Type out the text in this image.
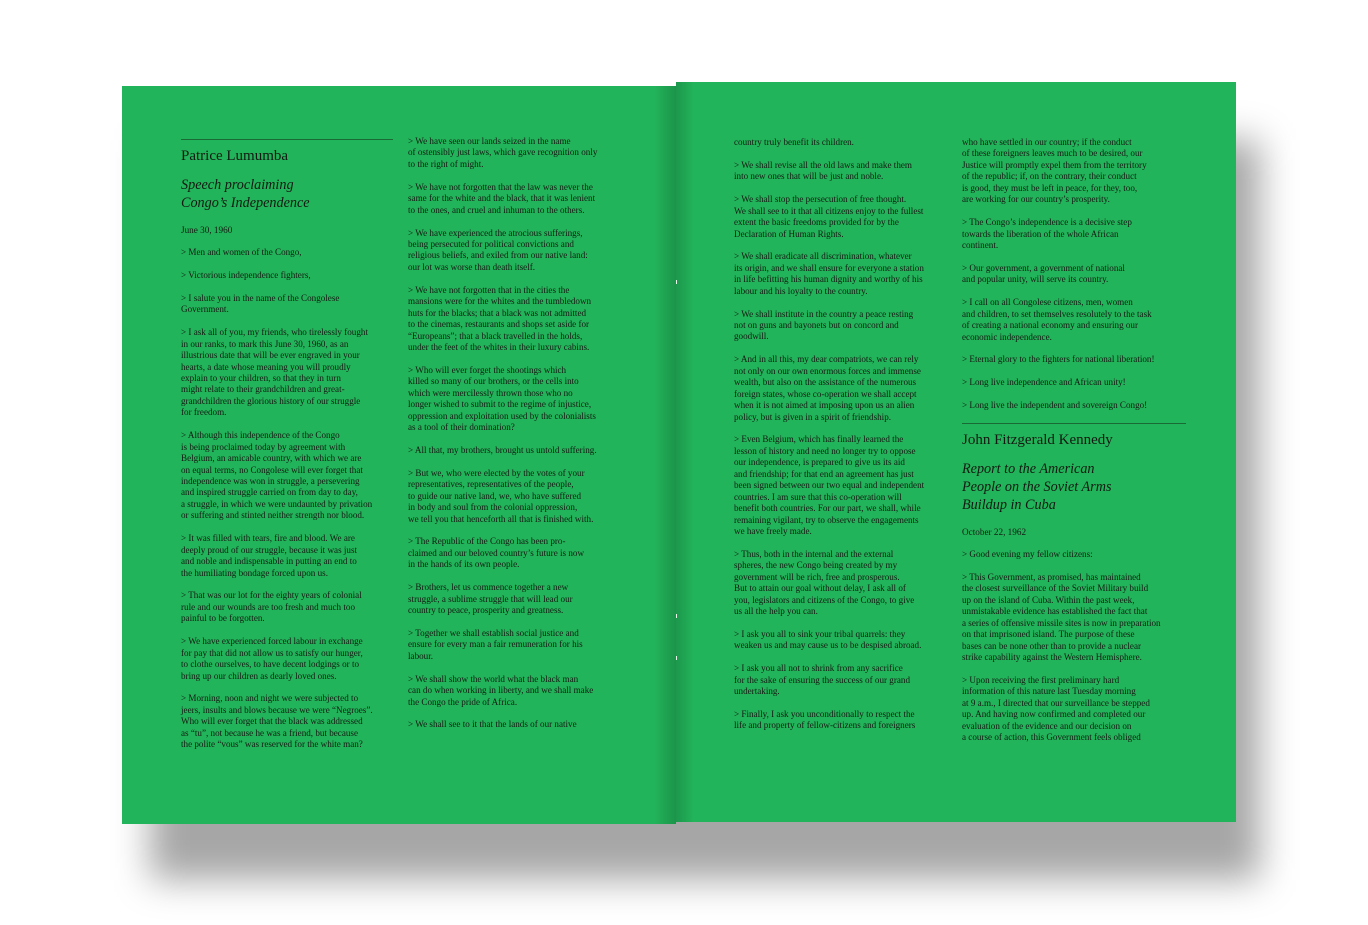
Patrice Lumumba

Speech proclaiming
Congo’s Independence

June 30, 1960

> Men and women of the Congo,

> Victorious independence fighters,

> I salute you in the name of the Congolese
Government.

> I ask all of you, my friends, who tirelessly fought
in our ranks, to mark this June 30, 1960, as an
illustrious date that will be ever engraved in your
hearts, a date whose meaning you will proudly
explain to your children, so that they in turn
might relate to their grandchildren and great-
grandchildren the glorious history of our struggle
for freedom.

> Although this independence of the Congo
is being proclaimed today by agreement with
Belgium, an amicable country, with which we are
on equal terms, no Congolese will ever forget that
independence was won in struggle, a persevering
and inspired struggle carried on from day to day,
a struggle, in which we were undaunted by privation
or suffering and stinted neither strength nor blood.

> It was filled with tears, fire and blood. We are
deeply proud of our struggle, because it was just
and noble and indispensable in putting an end to
the humiliating bondage forced upon us.

> That was our lot for the eighty years of colonial
rule and our wounds are too fresh and much too
painful to be forgotten.

> We have experienced forced labour in exchange
for pay that did not allow us to satisfy our hunger,
to clothe ourselves, to have decent lodgings or to
bring up our children as dearly loved ones.

> Morning, noon and night we were subjected to
jeers, insults and blows because we were “Negroes”.
Who will ever forget that the black was addressed
as “tu”, not because he was a friend, but because
the polite “vous” was reserved for the white man?

> We have seen our lands seized in the name
of ostensibly just laws, which gave recognition only
to the right of might.

> We have not forgotten that the law was never the
same for the white and the black, that it was lenient
to the ones, and cruel and inhuman to the others.

> We have experienced the atrocious sufferings,
being persecuted for political convictions and
religious beliefs, and exiled from our native land:
our lot was worse than death itself.

> We have not forgotten that in the cities the
mansions were for the whites and the tumbledown
huts for the blacks; that a black was not admitted
to the cinemas, restaurants and shops set aside for
“Europeans”; that a black travelled in the holds,
under the feet of the whites in their luxury cabins.

> Who will ever forget the shootings which
killed so many of our brothers, or the cells into
which were mercilessly thrown those who no
longer wished to submit to the regime of injustice,
oppression and exploitation used by the colonialists
as a tool of their domination?

> All that, my brothers, brought us untold suffering.

> But we, who were elected by the votes of your
representatives, representatives of the people,
to guide our native land, we, who have suffered
in body and soul from the colonial oppression,
we tell you that henceforth all that is finished with.

> The Republic of the Congo has been pro-
claimed and our beloved country’s future is now
in the hands of its own people.

> Brothers, let us commence together a new
struggle, a sublime struggle that will lead our
country to peace, prosperity and greatness.

> Together we shall establish social justice and
ensure for every man a fair remuneration for his
labour.

> We shall show the world what the black man
can do when working in liberty, and we shall make
the Congo the pride of Africa.

> We shall see to it that the lands of our native

country truly benefit its children.

> We shall revise all the old laws and make them
into new ones that will be just and noble.

> We shall stop the persecution of free thought.
We shall see to it that all citizens enjoy to the fullest
extent the basic freedoms provided for by the
Declaration of Human Rights.

> We shall eradicate all discrimination, whatever
its origin, and we shall ensure for everyone a station
in life befitting his human dignity and worthy of his
labour and his loyalty to the country.

> We shall institute in the country a peace resting
not on guns and bayonets but on concord and
goodwill.

> And in all this, my dear compatriots, we can rely
not only on our own enormous forces and immense
wealth, but also on the assistance of the numerous
foreign states, whose co-operation we shall accept
when it is not aimed at imposing upon us an alien
policy, but is given in a spirit of friendship.

> Even Belgium, which has finally learned the
lesson of history and need no longer try to oppose
our independence, is prepared to give us its aid
and friendship; for that end an agreement has just
been signed between our two equal and independent
countries. I am sure that this co-operation will
benefit both countries. For our part, we shall, while
remaining vigilant, try to observe the engagements
we have freely made.

> Thus, both in the internal and the external
spheres, the new Congo being created by my
government will be rich, free and prosperous.
But to attain our goal without delay, I ask all of
you, legislators and citizens of the Congo, to give
us all the help you can.

> I ask you all to sink your tribal quarrels: they
weaken us and may cause us to be despised abroad.

> I ask you all not to shrink from any sacrifice
for the sake of ensuring the success of our grand
undertaking.

> Finally, I ask you unconditionally to respect the
life and property of fellow-citizens and foreigners

who have settled in our country; if the conduct
of these foreigners leaves much to be desired, our
Justice will promptly expel them from the territory
of the republic; if, on the contrary, their conduct
is good, they must be left in peace, for they, too,
are working for our country’s prosperity.

> The Congo’s independence is a decisive step
towards the liberation of the whole African
continent.

> Our government, a government of national
and popular unity, will serve its country.

> I call on all Congolese citizens, men, women
and children, to set themselves resolutely to the task
of creating a national economy and ensuring our
economic independence.

> Eternal glory to the fighters for national liberation!

> Long live independence and African unity!

> Long live the independent and sovereign Congo!

John Fitzgerald Kennedy

Report to the American
People on the Soviet Arms
Buildup in Cuba

October 22, 1962

> Good evening my fellow citizens:

> This Government, as promised, has maintained
the closest surveillance of the Soviet Military build
up on the island of Cuba. Within the past week,
unmistakable evidence has established the fact that
a series of offensive missile sites is now in preparation
on that imprisoned island. The purpose of these
bases can be none other than to provide a nuclear
strike capability against the Western Hemisphere.

> Upon receiving the first preliminary hard
information of this nature last Tuesday morning
at 9 a.m., I directed that our surveillance be stepped
up. And having now confirmed and completed our
evaluation of the evidence and our decision on
a course of action, this Government feels obliged
